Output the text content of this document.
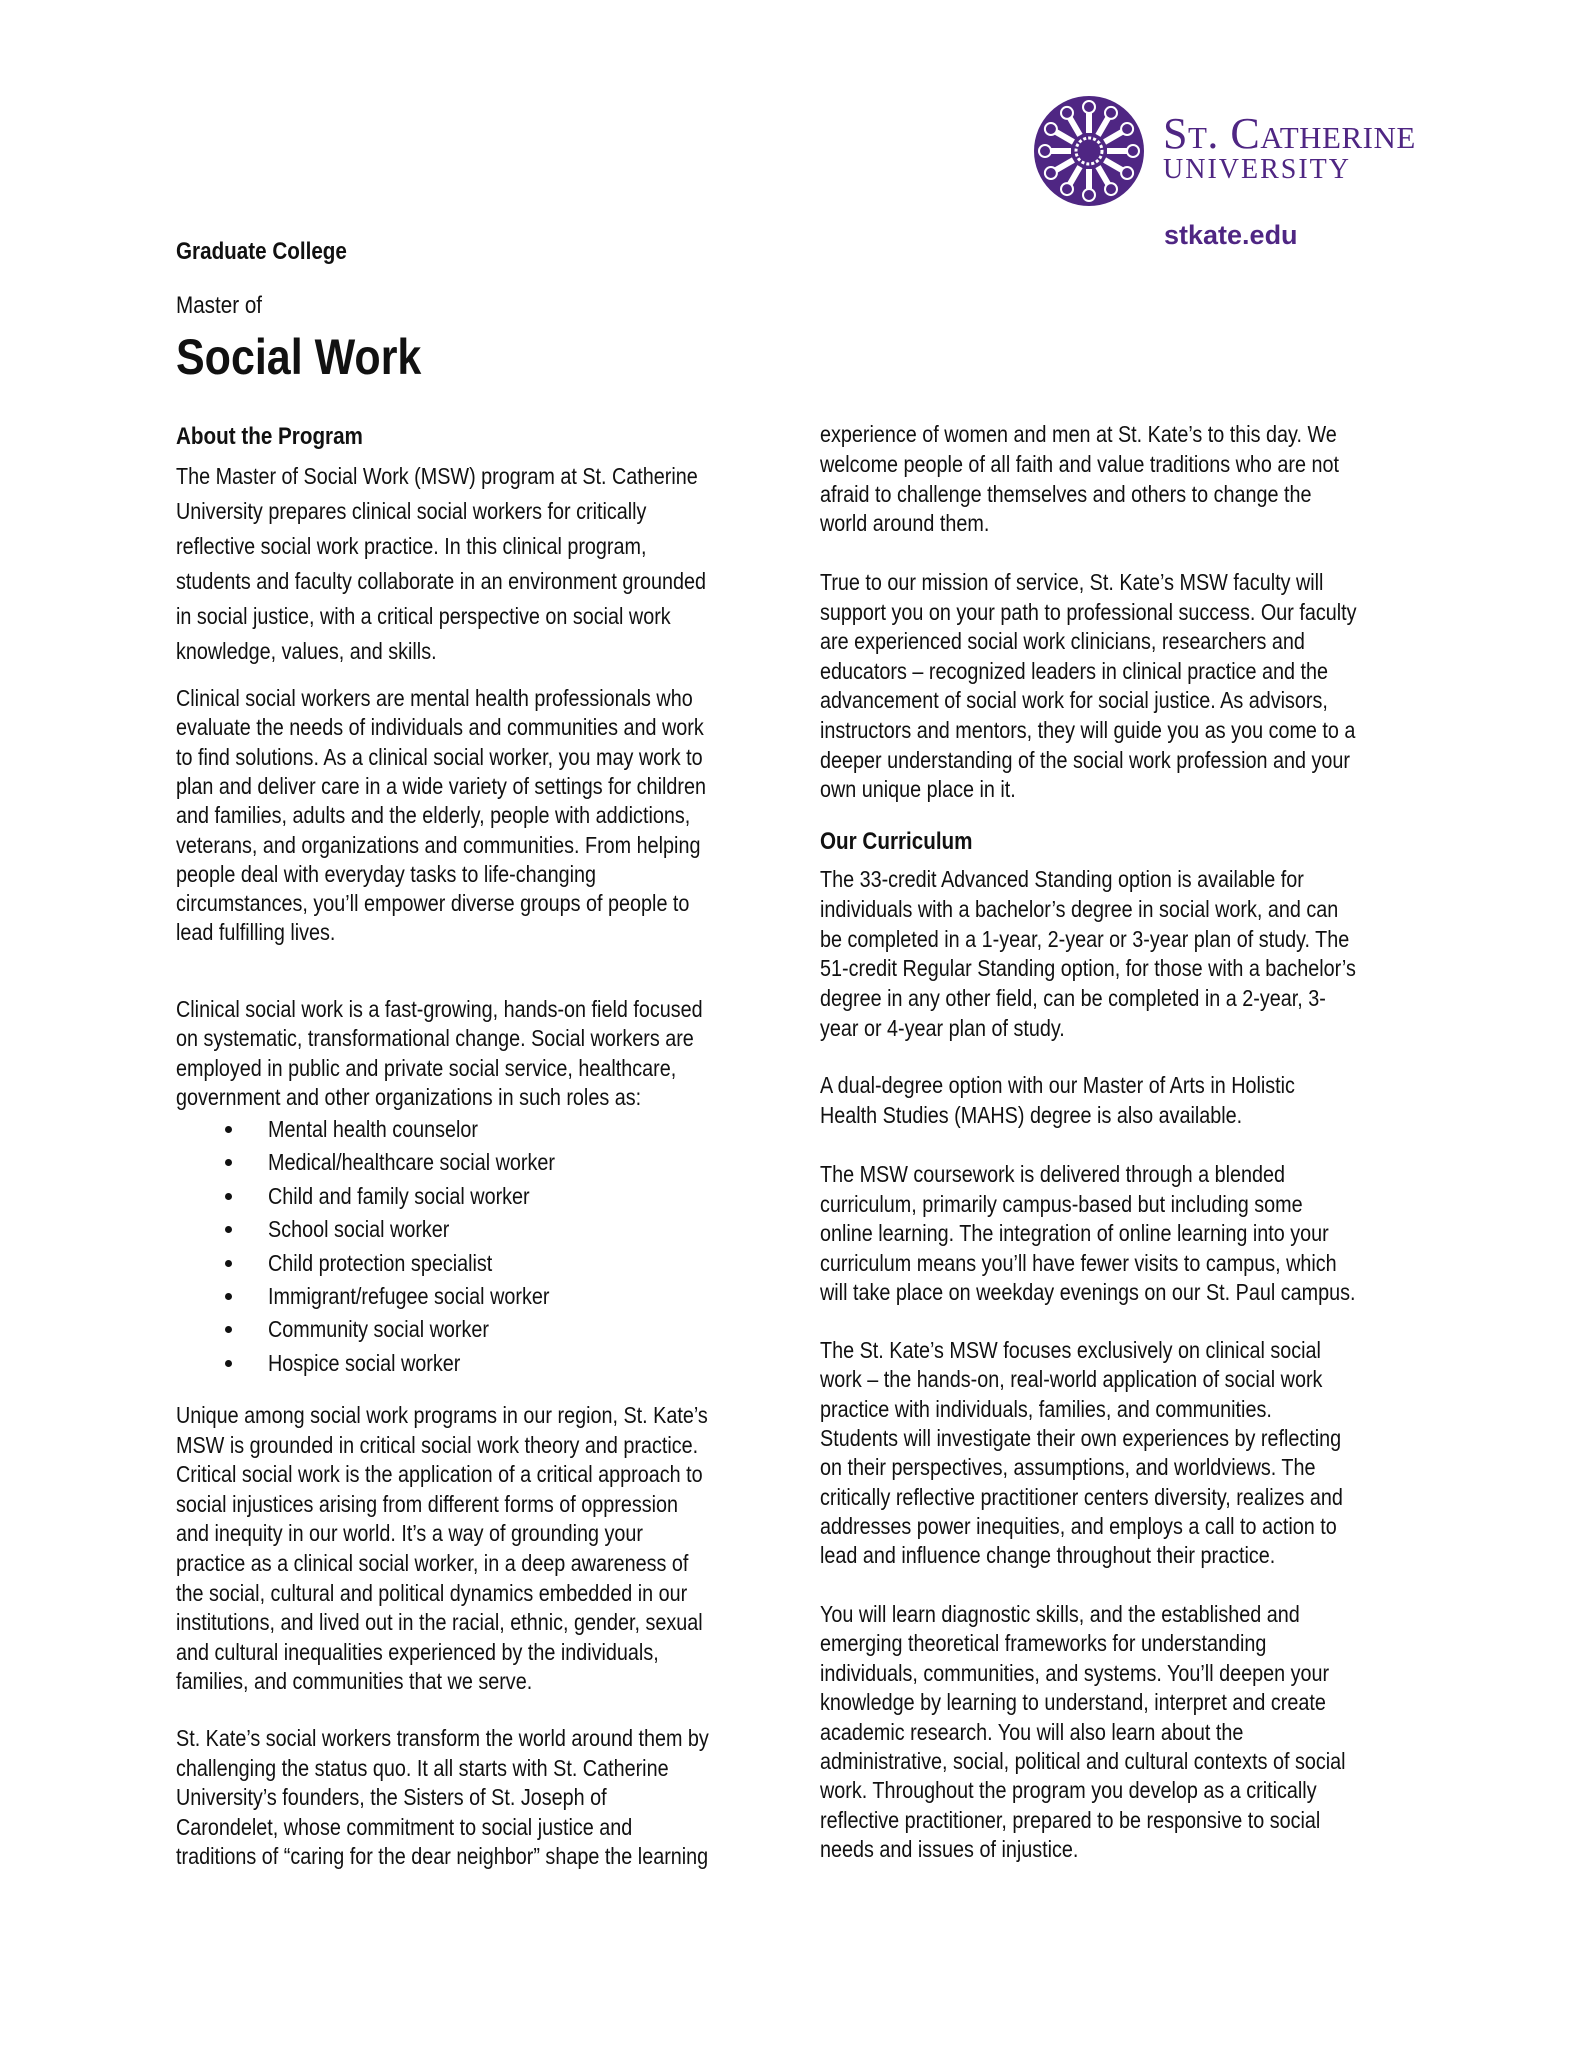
St. Catherine
UNIVERSITY
stkate.edu
Graduate College
Master of
Social Work
About the Program
Our Curriculum
The Master of Social Work (MSW) program at St. Catherine
University prepares clinical social workers for critically
reflective social work practice. In this clinical program,
students and faculty collaborate in an environment grounded
in social justice, with a critical perspective on social work
knowledge, values, and skills.
Clinical social workers are mental health professionals who
evaluate the needs of individuals and communities and work
to find solutions. As a clinical social worker, you may work to
plan and deliver care in a wide variety of settings for children
and families, adults and the elderly, people with addictions,
veterans, and organizations and communities. From helping
people deal with everyday tasks to life-changing
circumstances, you’ll empower diverse groups of people to
lead fulfilling lives.
Clinical social work is a fast-growing, hands-on field focused
on systematic, transformational change. Social workers are
employed in public and private social service, healthcare,
government and other organizations in such roles as:
Unique among social work programs in our region, St. Kate’s
MSW is grounded in critical social work theory and practice.
Critical social work is the application of a critical approach to
social injustices arising from different forms of oppression
and inequity in our world. It’s a way of grounding your
practice as a clinical social worker, in a deep awareness of
the social, cultural and political dynamics embedded in our
institutions, and lived out in the racial, ethnic, gender, sexual
and cultural inequalities experienced by the individuals,
families, and communities that we serve.
St. Kate’s social workers transform the world around them by
challenging the status quo. It all starts with St. Catherine
University’s founders, the Sisters of St. Joseph of
Carondelet, whose commitment to social justice and
traditions of “caring for the dear neighbor” shape the learning
Mental health counselor
Medical/healthcare social worker
Child and family social worker
School social worker
Child protection specialist
Immigrant/refugee social worker
Community social worker
Hospice social worker
experience of women and men at St. Kate’s to this day. We
welcome people of all faith and value traditions who are not
afraid to challenge themselves and others to change the
world around them.
True to our mission of service, St. Kate’s MSW faculty will
support you on your path to professional success. Our faculty
are experienced social work clinicians, researchers and
educators – recognized leaders in clinical practice and the
advancement of social work for social justice. As advisors,
instructors and mentors, they will guide you as you come to a
deeper understanding of the social work profession and your
own unique place in it.
The 33-credit Advanced Standing option is available for
individuals with a bachelor’s degree in social work, and can
be completed in a 1-year, 2-year or 3-year plan of study. The
51-credit Regular Standing option, for those with a bachelor’s
degree in any other field, can be completed in a 2-year, 3-
year or 4-year plan of study.
A dual-degree option with our Master of Arts in Holistic
Health Studies (MAHS) degree is also available.
The MSW coursework is delivered through a blended
curriculum, primarily campus-based but including some
online learning. The integration of online learning into your
curriculum means you’ll have fewer visits to campus, which
will take place on weekday evenings on our St. Paul campus.
The St. Kate’s MSW focuses exclusively on clinical social
work – the hands-on, real-world application of social work
practice with individuals, families, and communities.
Students will investigate their own experiences by reflecting
on their perspectives, assumptions, and worldviews. The
critically reflective practitioner centers diversity, realizes and
addresses power inequities, and employs a call to action to
lead and influence change throughout their practice.
You will learn diagnostic skills, and the established and
emerging theoretical frameworks for understanding
individuals, communities, and systems. You’ll deepen your
knowledge by learning to understand, interpret and create
academic research. You will also learn about the
administrative, social, political and cultural contexts of social
work. Throughout the program you develop as a critically
reflective practitioner, prepared to be responsive to social
needs and issues of injustice.
